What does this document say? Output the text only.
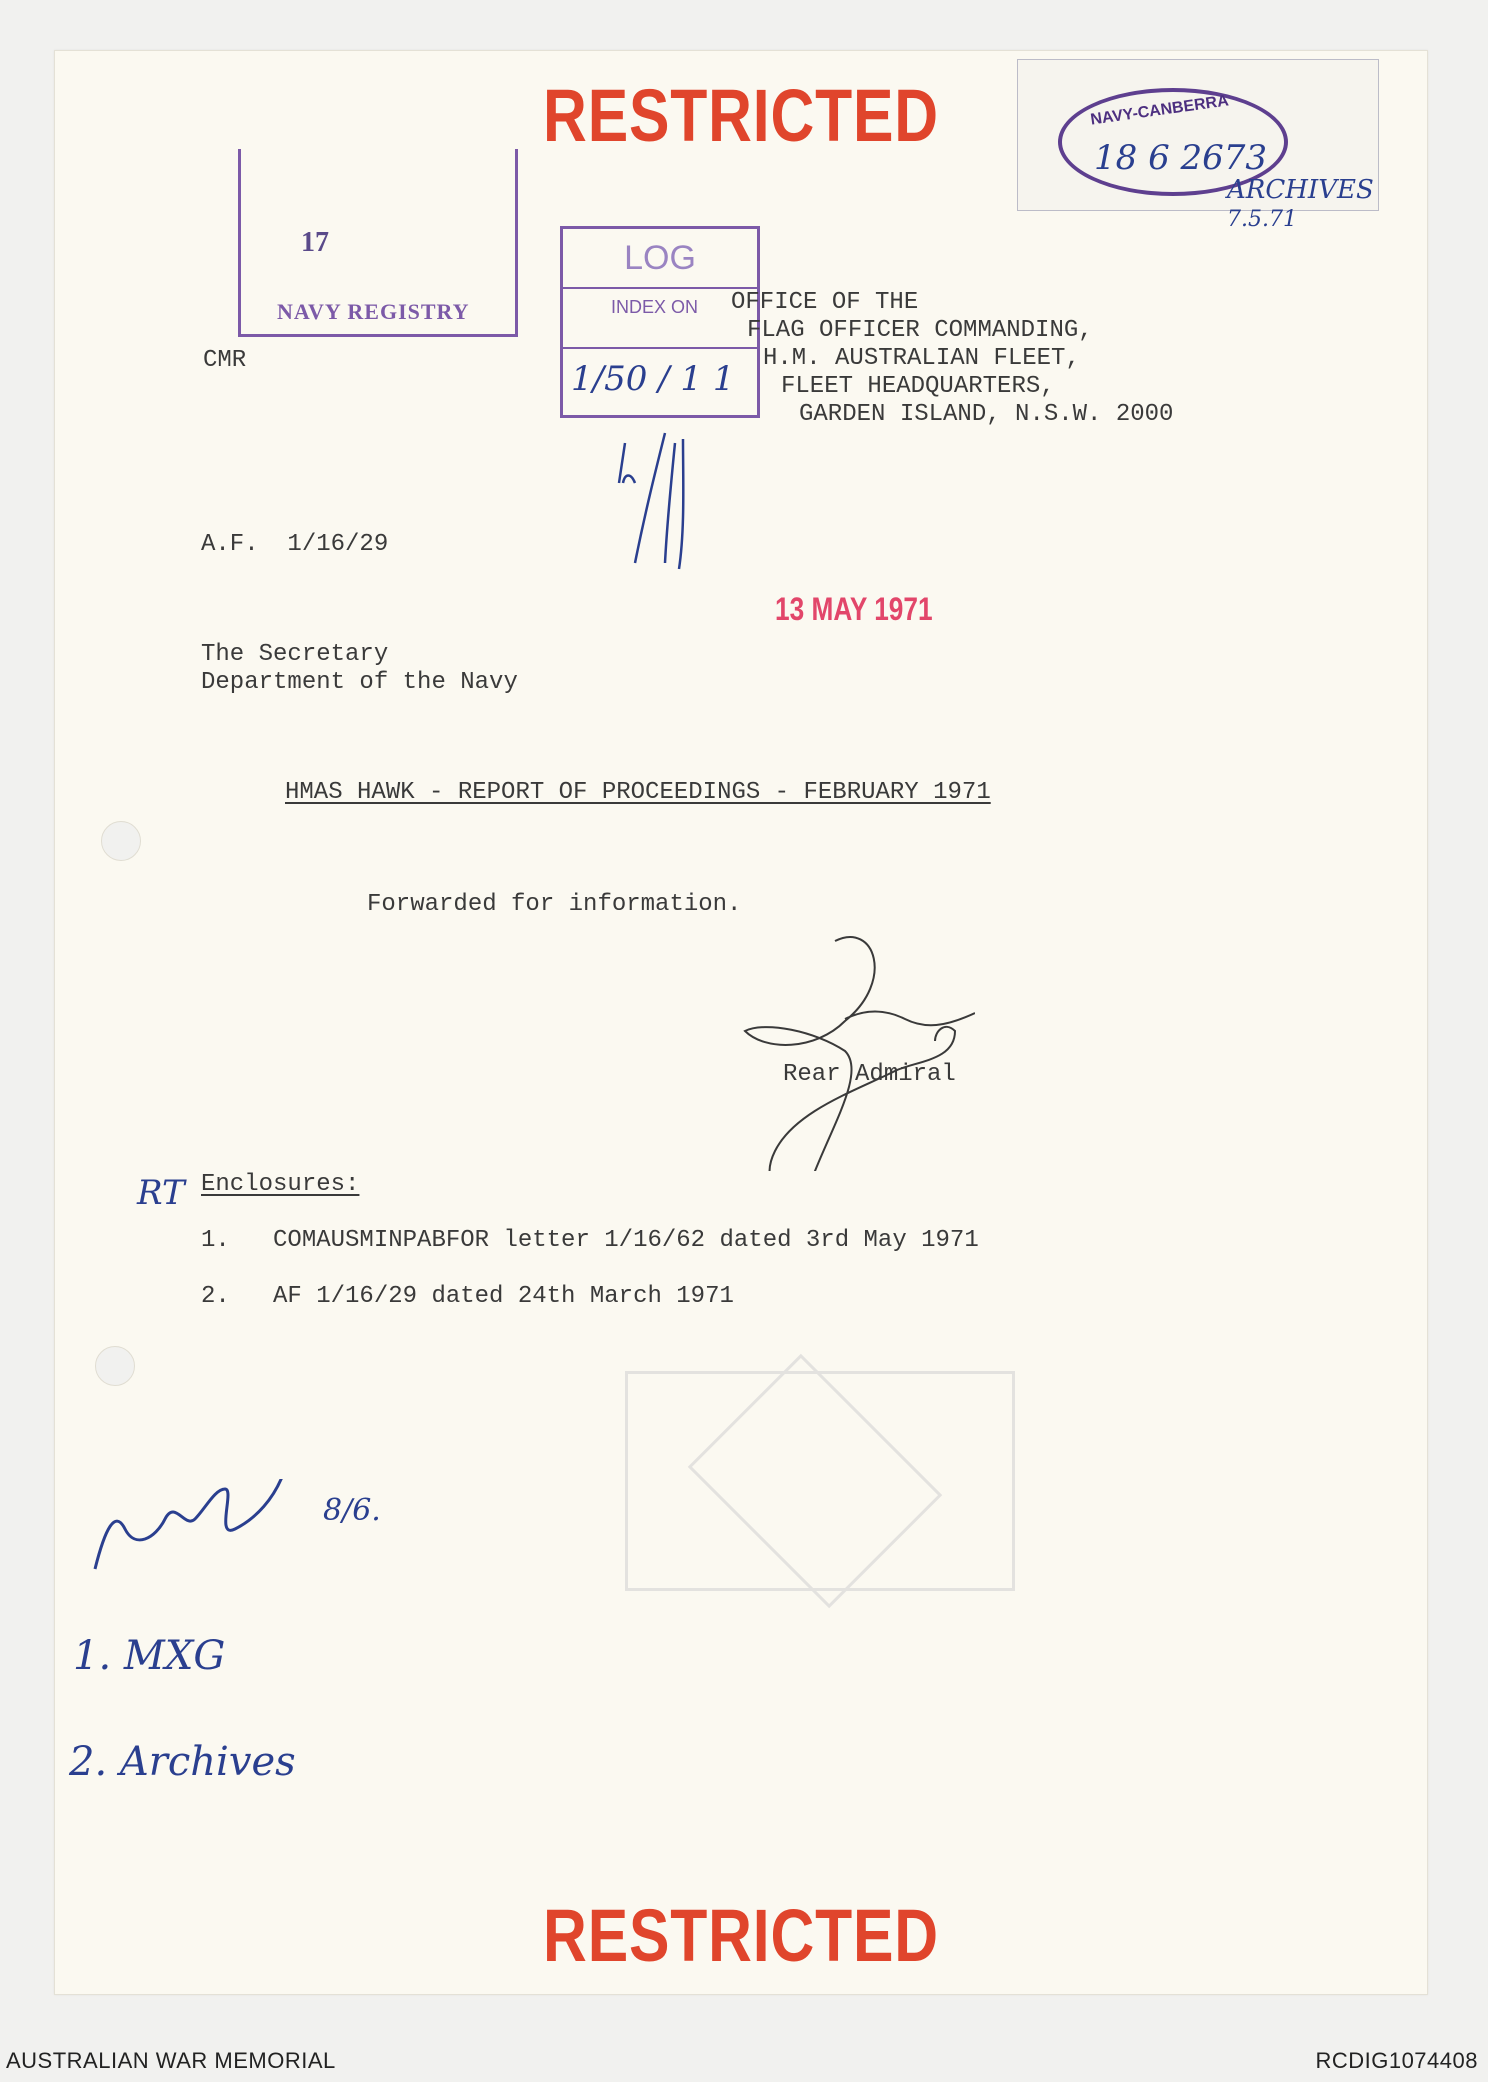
RESTRICTED
17
NAVY REGISTRY
LOG
INDEX ON
1/50 / 1 1
NAVY-CANBERRA
18 6 2673
ARCHIVES
7.5.71
CMR
OFFICE OF THE
FLAG OFFICER COMMANDING,
H.M. AUSTRALIAN FLEET,
FLEET HEADQUARTERS,
GARDEN ISLAND, N.S.W. 2000
A.F.  1/16/29
13 MAY 1971
The Secretary
Department of the Navy
HMAS HAWK - REPORT OF PROCEEDINGS - FEBRUARY 1971
Forwarded for information.
Rear Admiral
RT Enclosures:
1.   COMAUSMINPABFOR letter 1/16/62 dated 3rd May 1971
2.   AF 1/16/29 dated 24th March 1971
8/6.
1. MXG
2. Archives
RESTRICTED
AUSTRALIAN WAR MEMORIAL	RCDIG1074408
